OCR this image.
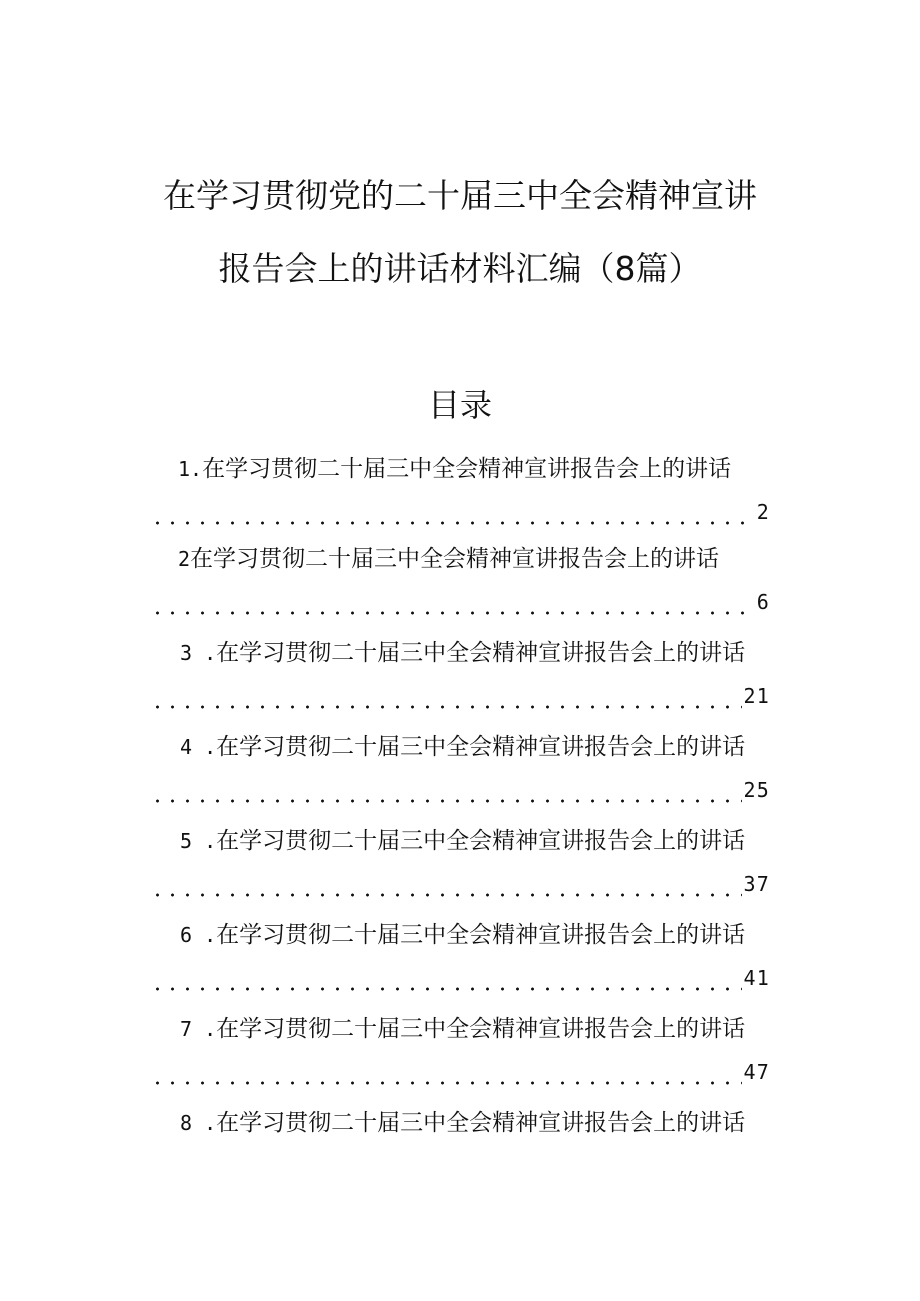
在学习贯彻党的二十届三中全会精神宣讲
报告会上的讲话材料汇编（8篇）
目录
1.在学习贯彻二十届三中全会精神宣讲报告会上的讲话
2
2在学习贯彻二十届三中全会精神宣讲报告会上的讲话
6
3 .在学习贯彻二十届三中全会精神宣讲报告会上的讲话
21
4 .在学习贯彻二十届三中全会精神宣讲报告会上的讲话
25
5 .在学习贯彻二十届三中全会精神宣讲报告会上的讲话
37
6 .在学习贯彻二十届三中全会精神宣讲报告会上的讲话
41
7 .在学习贯彻二十届三中全会精神宣讲报告会上的讲话
47
8 .在学习贯彻二十届三中全会精神宣讲报告会上的讲话
